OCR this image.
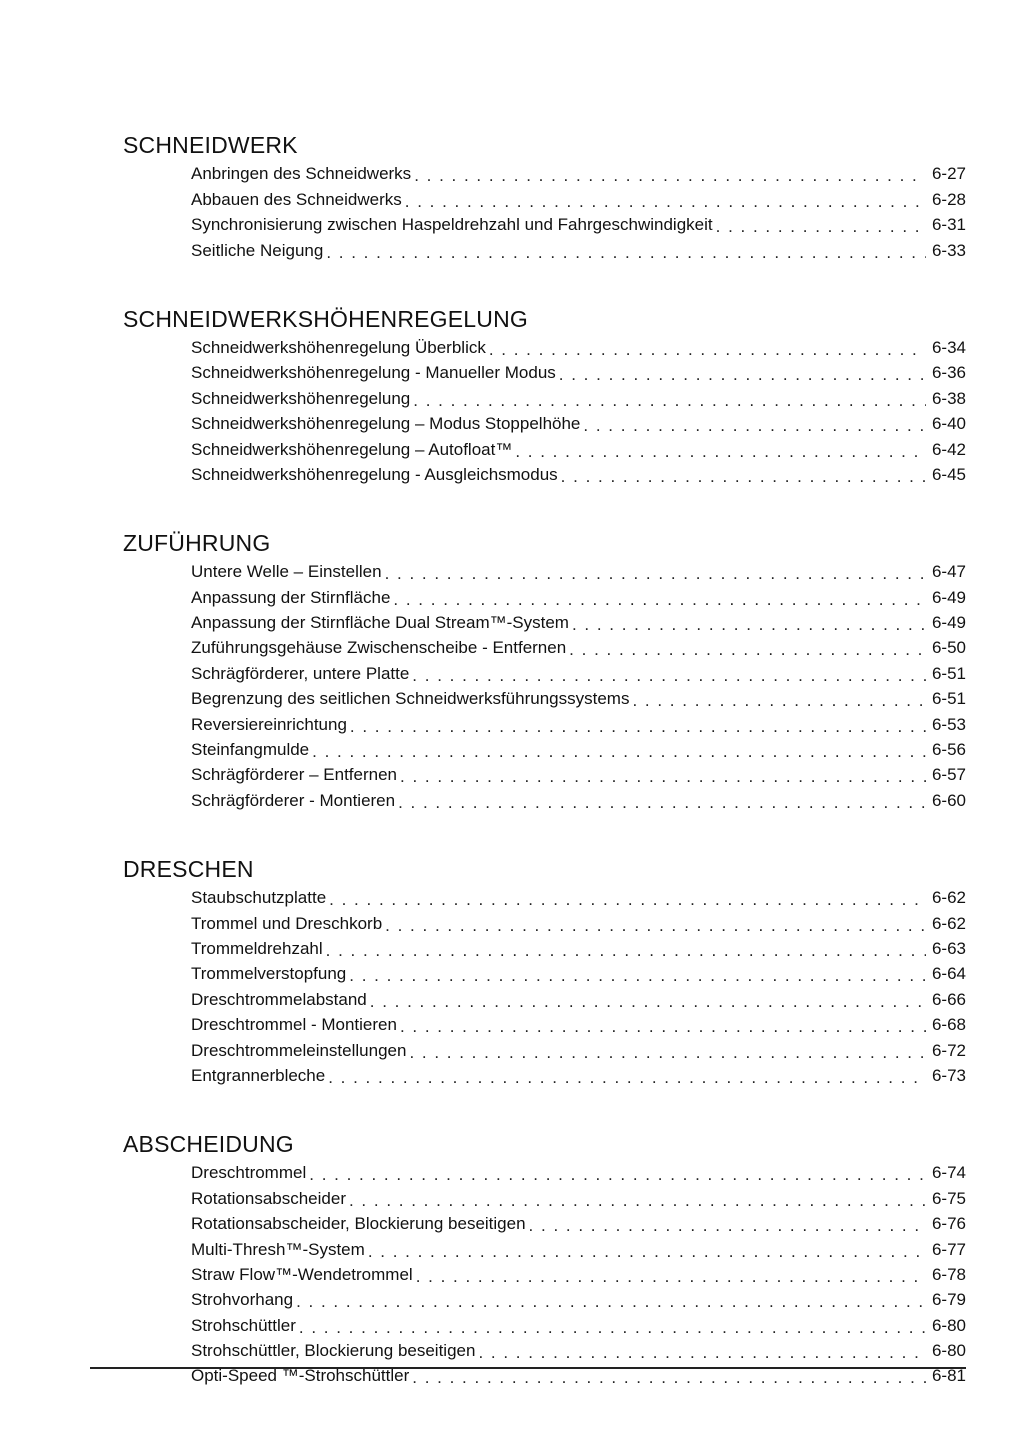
SCHNEIDWERK
Anbringen des Schneidwerks . . .	6-27
Abbauen des Schneidwerks . . .	6-28
Synchronisierung zwischen Haspeldrehzahl und Fahrgeschwindigkeit . . .	6-31
Seitliche Neigung . . .	6-33
SCHNEIDWERKSHÖHENREGELUNG
Schneidwerkshöhenregelung Überblick . . .	6-34
Schneidwerkshöhenregelung - Manueller Modus . . .	6-36
Schneidwerkshöhenregelung . . .	6-38
Schneidwerkshöhenregelung – Modus Stoppelhöhe . . .	6-40
Schneidwerkshöhenregelung – Autofloat™ . . .	6-42
Schneidwerkshöhenregelung - Ausgleichsmodus . . .	6-45
ZUFÜHRUNG
Untere Welle – Einstellen . . .	6-47
Anpassung der Stirnfläche . . .	6-49
Anpassung der Stirnfläche Dual Stream™-System . . .	6-49
Zuführungsgehäuse Zwischenscheibe - Entfernen . . .	6-50
Schrägförderer, untere Platte . . .	6-51
Begrenzung des seitlichen Schneidwerksführungssystems . . .	6-51
Reversiereinrichtung . . .	6-53
Steinfangmulde . . .	6-56
Schrägförderer – Entfernen . . .	6-57
Schrägförderer - Montieren . . .	6-60
DRESCHEN
Staubschutzplatte . . .	6-62
Trommel und Dreschkorb . . .	6-62
Trommeldrehzahl . . .	6-63
Trommelverstopfung . . .	6-64
Dreschtrommelabstand . . .	6-66
Dreschtrommel - Montieren . . .	6-68
Dreschtrommeleinstellungen . . .	6-72
Entgrannerbleche . . .	6-73
ABSCHEIDUNG
Dreschtrommel . . .	6-74
Rotationsabscheider . . .	6-75
Rotationsabscheider, Blockierung beseitigen . . .	6-76
Multi-Thresh™-System . . .	6-77
Straw Flow™-Wendetrommel . . .	6-78
Strohvorhang . . .	6-79
Strohschüttler . . .	6-80
Strohschüttler, Blockierung beseitigen . . .	6-80
Opti-Speed ™-Strohschüttler . . .	6-81
